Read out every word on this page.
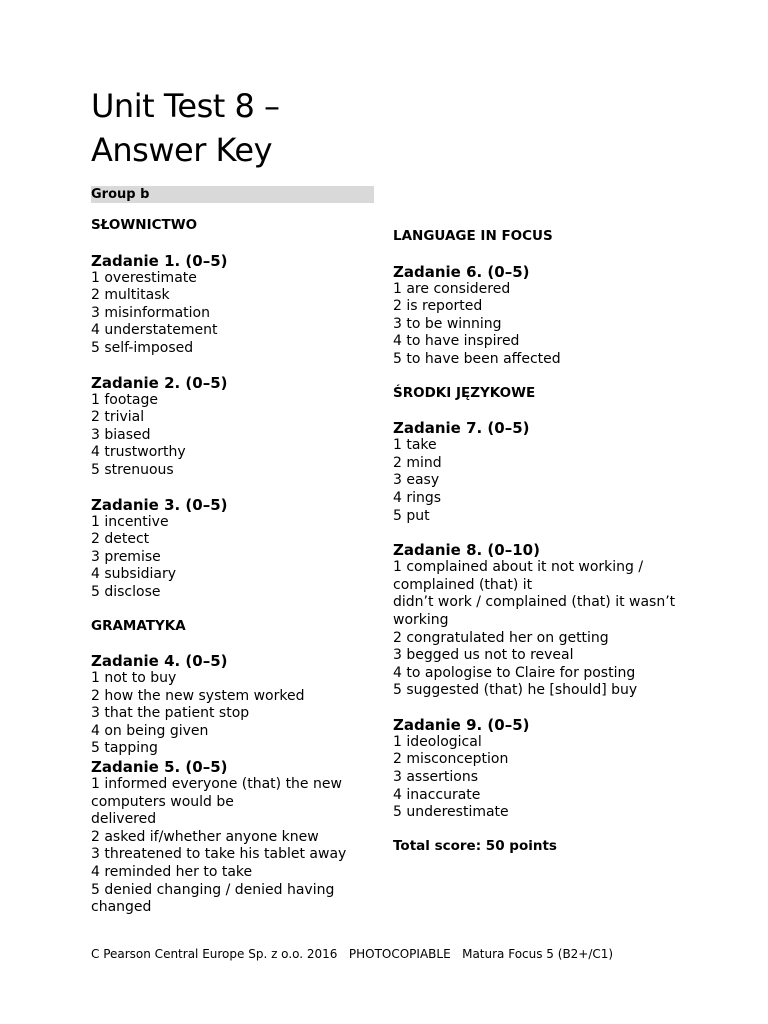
Unit Test 8 –
Answer Key
Group b

SŁOWNICTWO

Zadanie 1. (0–5)

1 overestimate

2 multitask

3 misinformation

4 understatement

5 self-imposed

Zadanie 2. (0–5)

1 footage

2 trivial

3 biased

4 trustworthy

5 strenuous

Zadanie 3. (0–5)

1 incentive

2 detect

3 premise

4 subsidiary

5 disclose

GRAMATYKA

Zadanie 4. (0–5)

1 not to buy

2 how the new system worked

3 that the patient stop

4 on being given

5 tapping

Zadanie 5. (0–5)

1 informed everyone (that) the new computers would be

delivered

2 asked if/whether anyone knew

3 threatened to take his tablet away

4 reminded her to take

5 denied changing / denied having changed

LANGUAGE IN FOCUS

Zadanie 6. (0–5)

1 are considered

2 is reported

3 to be winning

4 to have inspired

5 to have been affected

ŚRODKI JĘZYKOWE

Zadanie 7. (0–5)

1 take

2 mind

3 easy

4 rings

5 put

Zadanie 8. (0–10)

1 complained about it not working / complained (that) it

didn’t work / complained (that) it wasn’t working

2 congratulated her on getting

3 begged us not to reveal

4 to apologise to Claire for posting

5 suggested (that) he [should] buy

Zadanie 9. (0–5)

1 ideological

2 misconception

3 assertions

4 inaccurate

5 underestimate

Total score: 50 points

C Pearson Central Europe Sp. z o.o. 2016   PHOTOCOPIABLE   Matura Focus 5 (B2+/C1)
